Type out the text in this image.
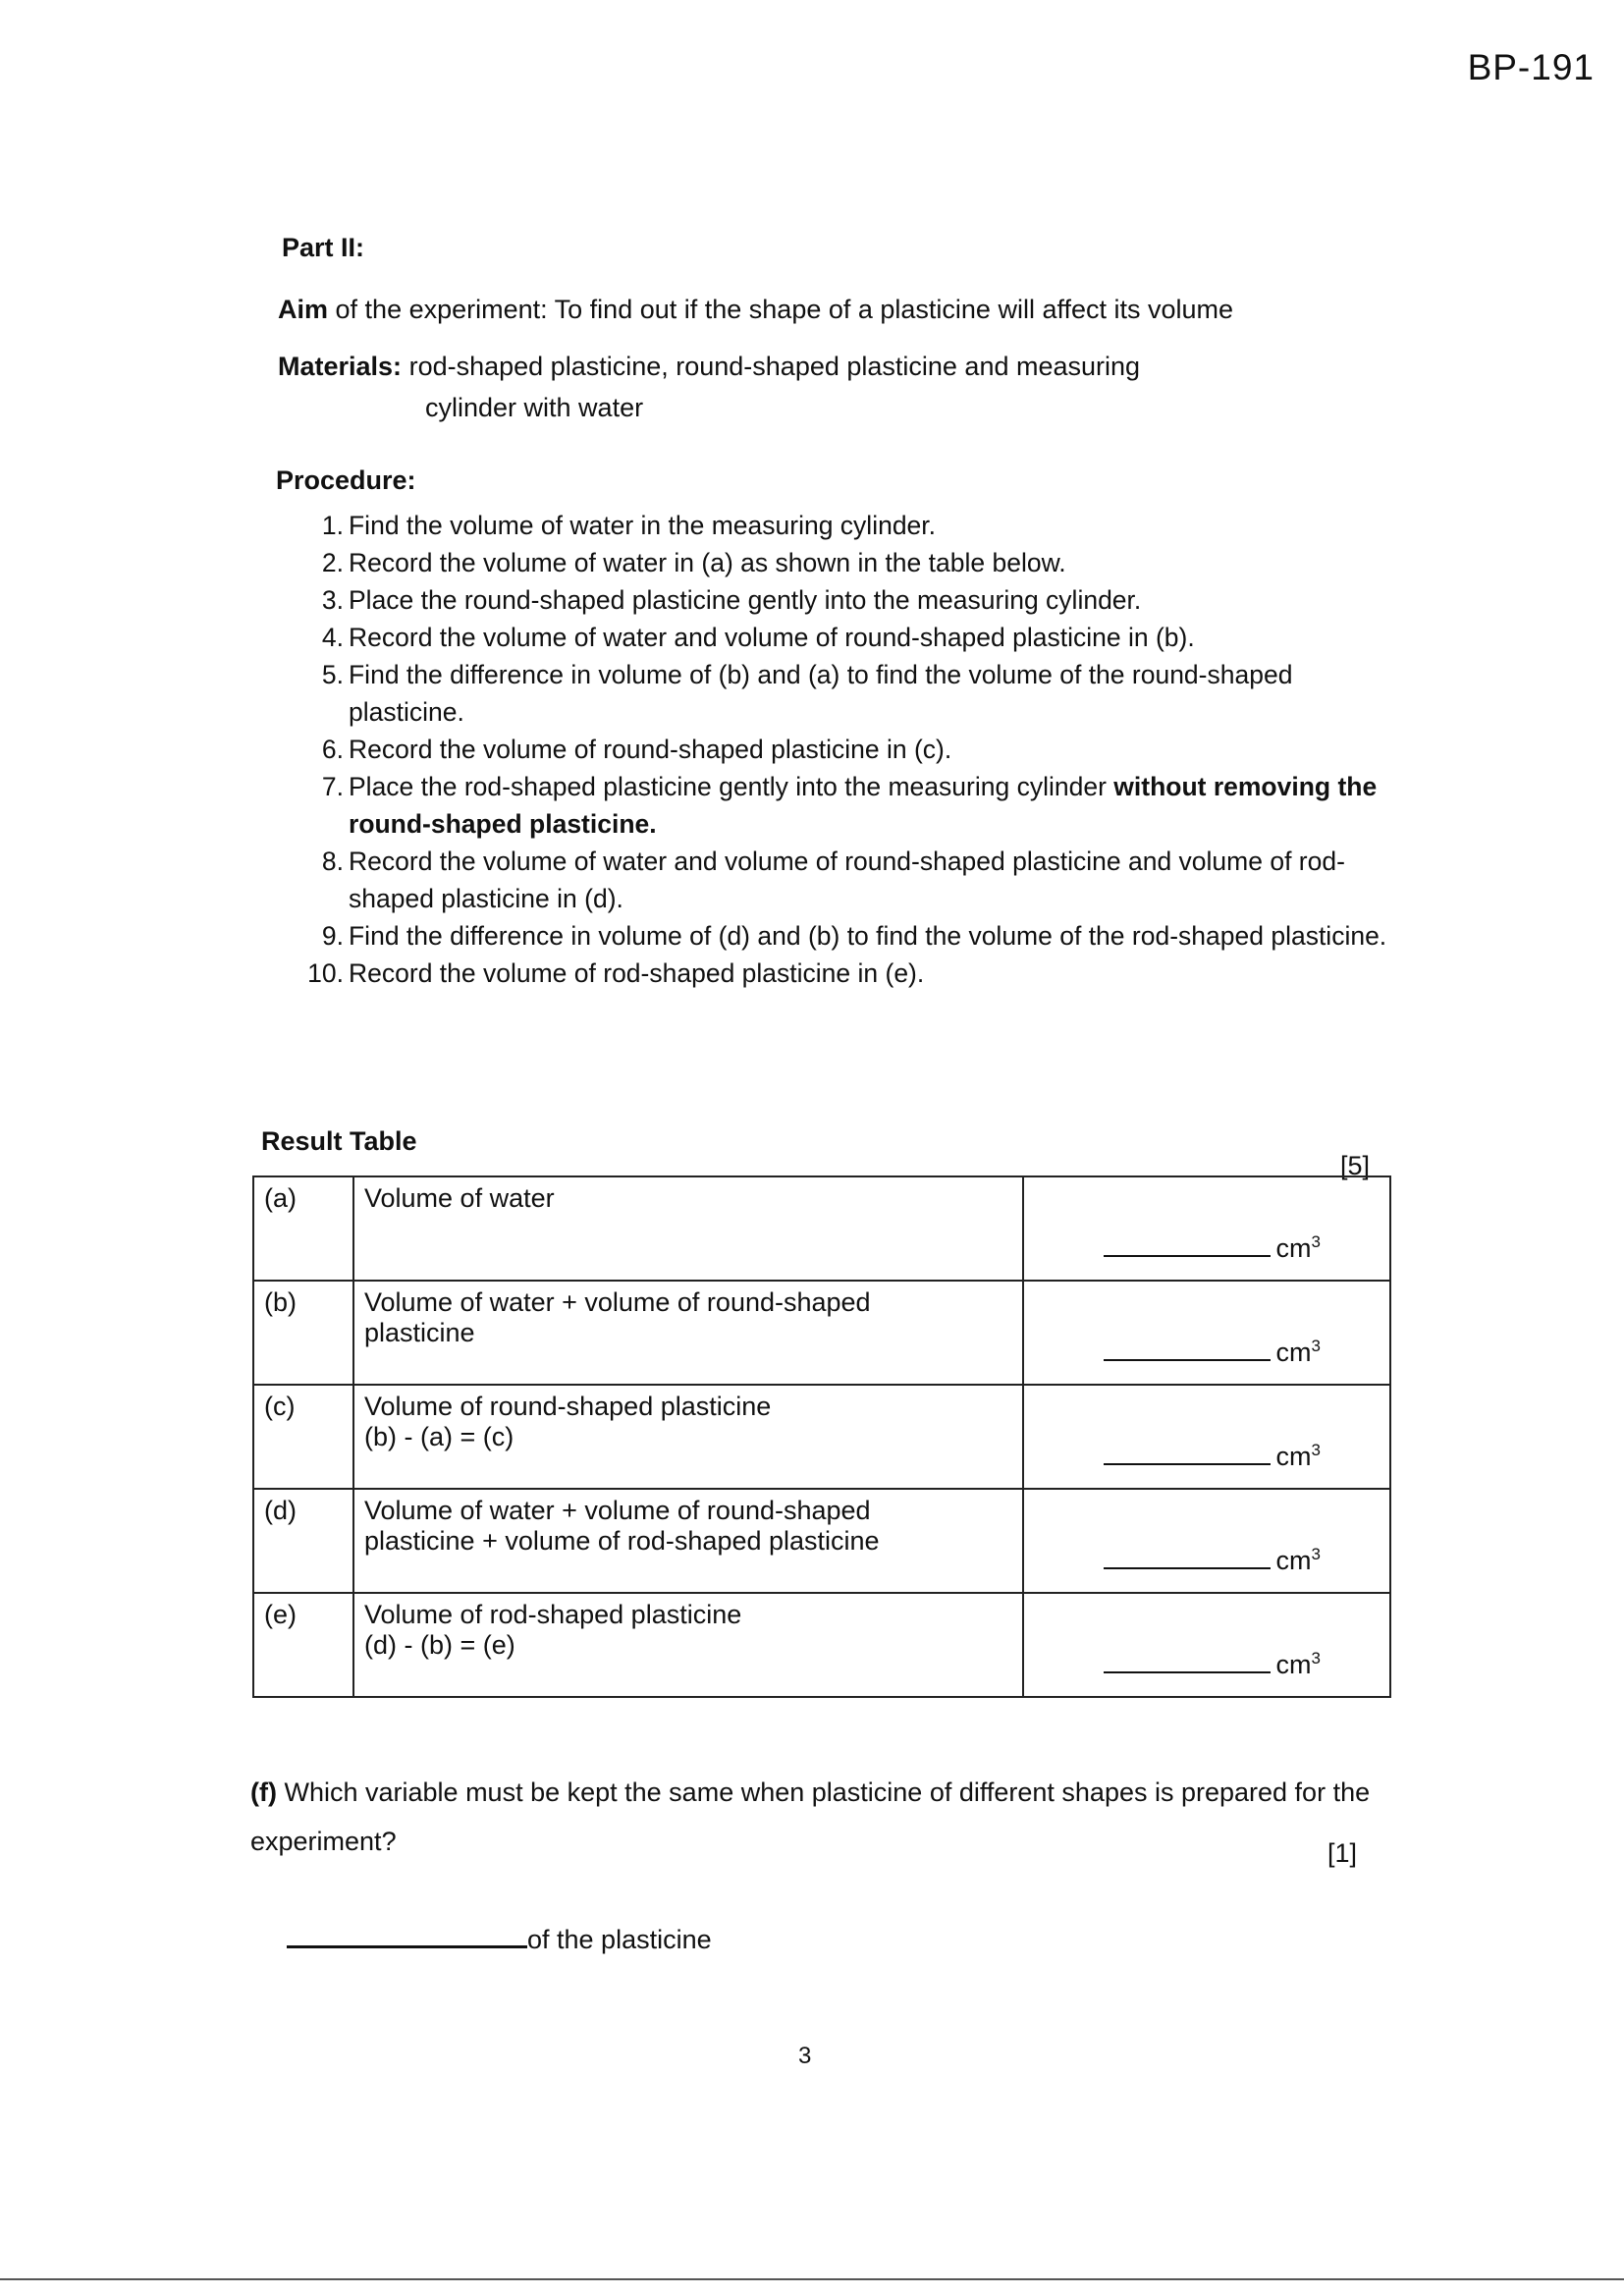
BP-191
Part II:
Aim of the experiment: To find out if the shape of a plasticine will affect its volume
Materials: rod-shaped plasticine, round-shaped plasticine and measuring
cylinder with water
Procedure:
1. Find the volume of water in the measuring cylinder.
2. Record the volume of water in (a) as shown in the table below.
3. Place the round-shaped plasticine gently into the measuring cylinder.
4. Record the volume of water and volume of round-shaped plasticine in (b).
5. Find the difference in volume of (b) and (a) to find the volume of the round-shaped plasticine.
6. Record the volume of round-shaped plasticine in (c).
7. Place the rod-shaped plasticine gently into the measuring cylinder without removing the round-shaped plasticine.
8. Record the volume of water and volume of round-shaped plasticine and volume of rod-shaped plasticine in (d).
9. Find the difference in volume of (d) and (b) to find the volume of the rod-shaped plasticine.
10. Record the volume of rod-shaped plasticine in (e).
Result Table
[5]
(a)	Volume of water	$cm^3$
(b)	Volume of water + volume of round-shaped
plasticine	$cm^3$
(c)	Volume of round-shaped plasticine
(b) - (a) = (c)	$cm^3$
(d)	Volume of water + volume of round-shaped
plasticine + volume of rod-shaped plasticine	$cm^3$
(e)	Volume of rod-shaped plasticine
(d) - (b) = (e)	$cm^3$
(f) Which variable must be kept the same when plasticine of different shapes is prepared for the experiment?	[1]
of the plasticine
3
